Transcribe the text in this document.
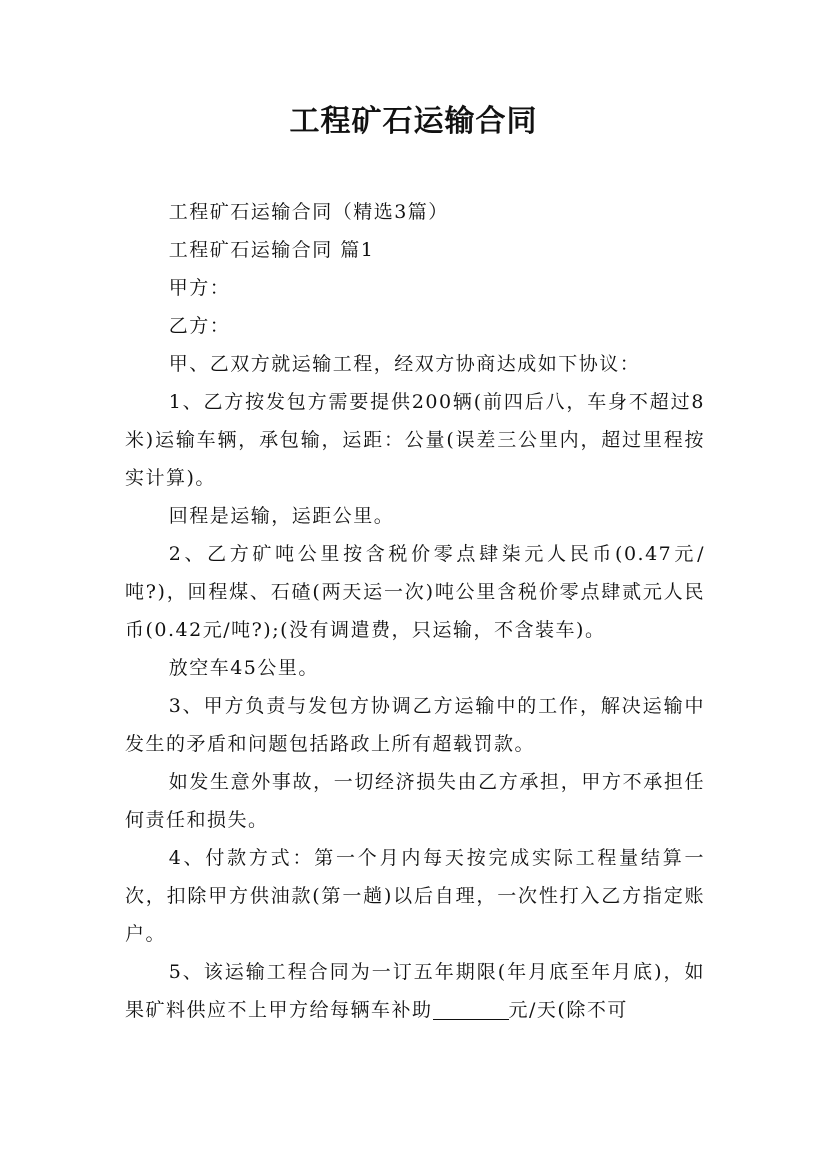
工程矿石运输合同

工程矿石运输合同（精选3篇）

工程矿石运输合同 篇1

甲方：

乙方：

甲、乙双方就运输工程，经双方协商达成如下协议：

1、乙方按发包方需要提供200辆(前四后八，车身不超过8米)运输车辆，承包输，运距：公量(误差三公里内，超过里程按实计算)。

回程是运输，运距公里。

2、乙方矿吨公里按含税价零点肆柒元人民币(0.47元/吨?)，回程煤、石碴(两天运一次)吨公里含税价零点肆贰元人民币(0.42元/吨?);(没有调遣费，只运输，不含装车)。

放空车45公里。

3、甲方负责与发包方协调乙方运输中的工作，解决运输中发生的矛盾和问题包括路政上所有超载罚款。

如发生意外事故，一切经济损失由乙方承担，甲方不承担任何责任和损失。

4、付款方式：第一个月内每天按完成实际工程量结算一次，扣除甲方供油款(第一趟)以后自理，一次性打入乙方指定账户。

5、该运输工程合同为一订五年期限(年月底至年月底)，如果矿料供应不上甲方给每辆车补助	元/天(除不可
